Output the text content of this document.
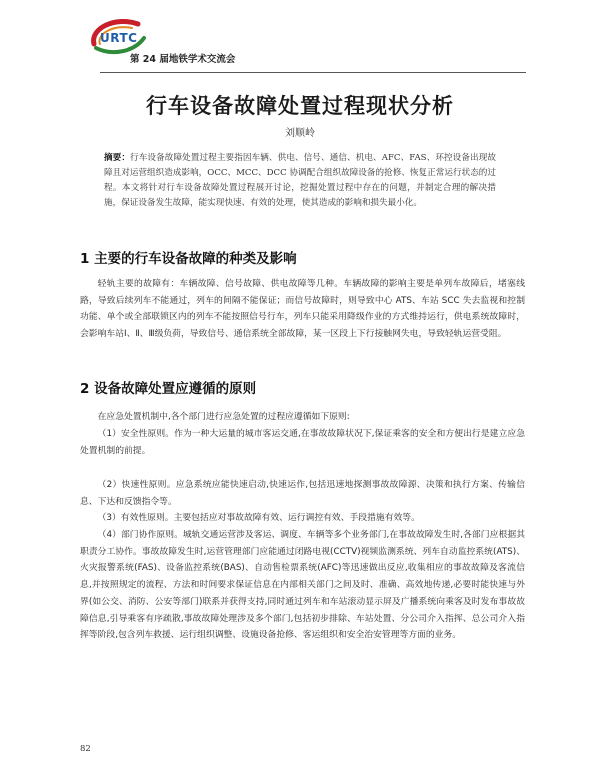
URTC
第 24 届地铁学术交流会
行车设备故障处置过程现状分析
刘顺岭
摘要：行车设备故障处置过程主要指因车辆、供电、信号、通信、机电、AFC、FAS、环控设备出现故障且对运营组织造成影响，OCC、MCC、DCC 协调配合组织故障设备的抢修、恢复正常运行状态的过程。本文将针对行车设备故障处置过程展开讨论，挖掘处置过程中存在的问题，并制定合理的解决措施，保证设备发生故障，能实现快速、有效的处理，使其造成的影响和损失最小化。
1 主要的行车设备故障的种类及影响

轻轨主要的故障有：车辆故障、信号故障、供电故障等几种。车辆故障的影响主要是单列车故障后，堵塞线路，导致后续列车不能通过，列车的间隔不能保证；而信号故障时，则导致中心 ATS、车站 SCC 失去监视和控制功能、单个或全部联锁区内的列车不能按照信号行车，列车只能采用降级作业的方式维持运行，供电系统故障时，会影响车站Ⅰ、Ⅱ、Ⅲ级负荷，导致信号、通信系统全部故障，某一区段上下行接触网失电，导致轻轨运营受阻。

2 设备故障处置应遵循的原则

在应急处置机制中,各个部门进行应急处置的过程应遵循如下原则:

（1）安全性原则。作为一种大运量的城市客运交通,在事故故障状况下,保证乘客的安全和方便出行是建立应急处置机制的前提。

（2）快速性原则。应急系统应能快速启动,快速运作,包括迅速地探测事故故障源、决策和执行方案、传输信息、下达和反馈指令等。

（3）有效性原则。主要包括应对事故故障有效、运行调控有效、手段措施有效等。

（4）部门协作原则。城轨交通运营涉及客运、调度、车辆等多个业务部门,在事故故障发生时,各部门应根据其职责分工协作。事故故障发生时,运营管理部门应能通过闭路电视(CCTV)视频监测系统、列车自动监控系统(ATS)、火灾报警系统(FAS)、设备监控系统(BAS)、自动售检票系统(AFC)等迅速做出反应,收集相应的事故故障及客流信息,并按照规定的流程、方法和时间要求保证信息在内部相关部门之间及时、准确、高效地传递,必要时能快速与外界(如公交、消防、公安等部门)联系并获得支持,同时通过列车和车站滚动显示屏及广播系统向乘客及时发布事故故障信息,引导乘客有序疏散,事故故障处理涉及多个部门,包括初步排除、车站处置、分公司介入指挥、总公司介入指挥等阶段,包含列车救援、运行组织调整、设施设备抢修、客运组织和安全治安管理等方面的业务。

82
